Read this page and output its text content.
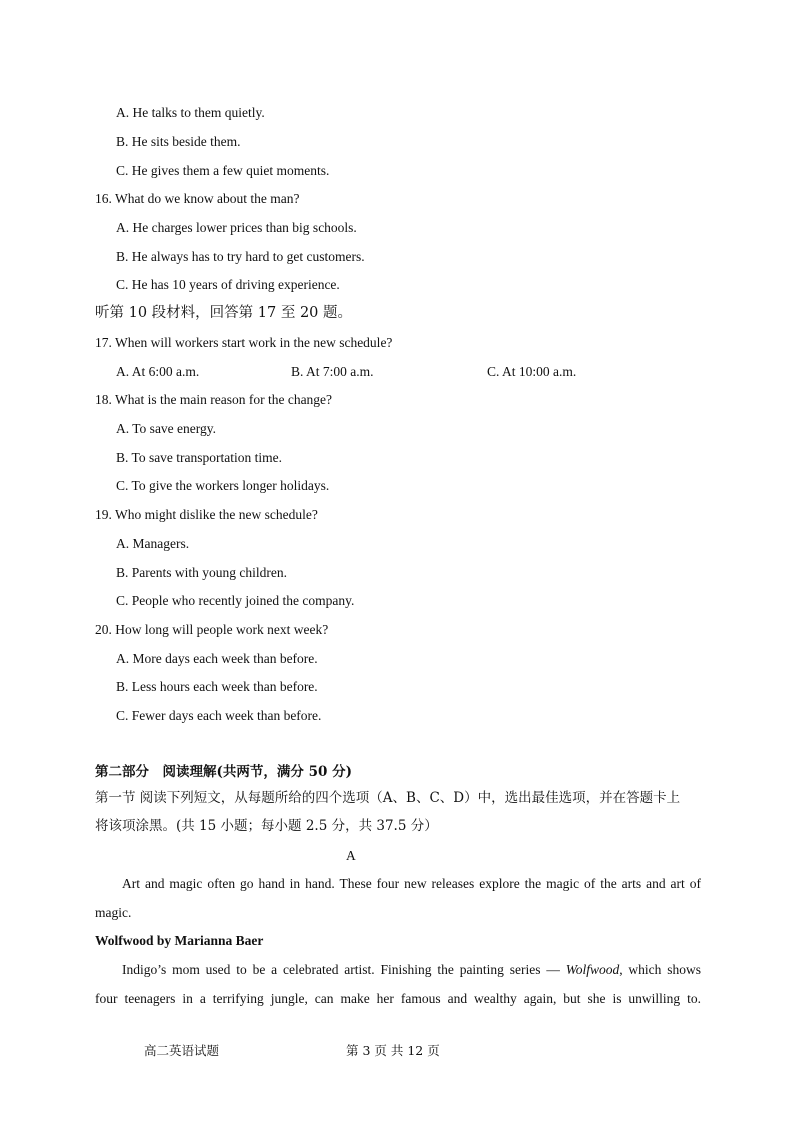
A. He talks to them quietly.
B. He sits beside them.
C. He gives them a few quiet moments.
16. What do we know about the man?
A. He charges lower prices than big schools.
B. He always has to try hard to get customers.
C. He has 10 years of driving experience.
听第 10 段材料，回答第 17 至 20 题。
17. When will workers start work in the new schedule?
A. At 6:00 a.m.	B. At 7:00 a.m.	C. At 10:00 a.m.
18. What is the main reason for the change?
A. To save energy.
B. To save transportation time.
C. To give the workers longer holidays.
19. Who might dislike the new schedule?
A. Managers.
B. Parents with young children.
C. People who recently joined the company.
20. How long will people work next week?
A. More days each week than before.
B. Less hours each week than before.
C. Fewer days each week than before.
第二部分　阅读理解(共两节，满分 50 分)
第一节 阅读下列短文，从每题所给的四个选项（A、B、C、D）中，选出最佳选项，并在答题卡上
将该项涂黑。(共 15 小题；每小题 2.5 分，共 37.5 分）
A
Art and magic often go hand in hand. These four new releases explore the magic of the arts and art of
magic.
Wolfwood by Marianna Baer
Indigo’s mom used to be a celebrated artist. Finishing the painting series — Wolfwood, which shows
four teenagers in a terrifying jungle, can make her famous and wealthy again, but she is unwilling to.
高二英语试题	第 3 页 共 12 页
